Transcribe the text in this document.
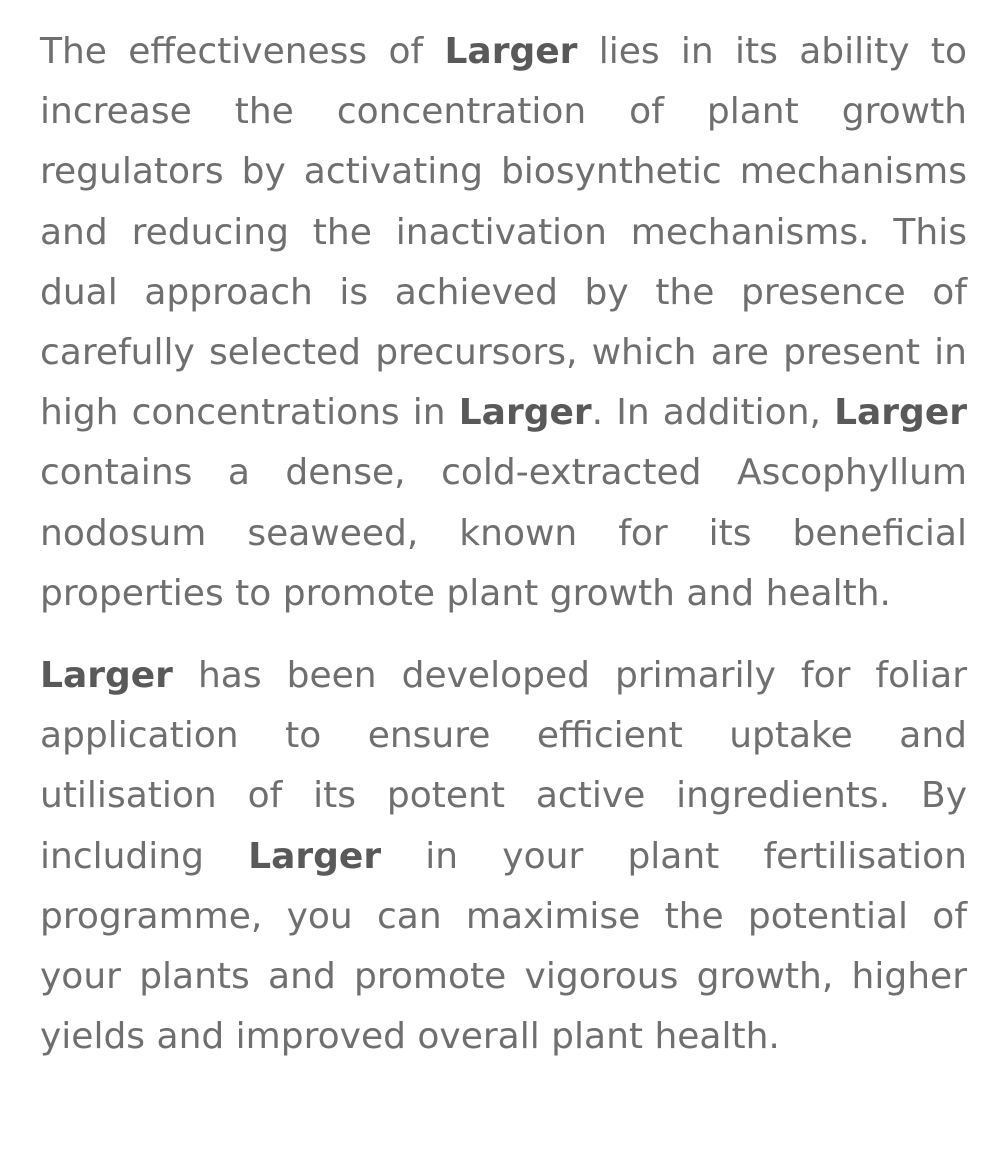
The effectiveness of Larger lies in its ability to increase the concentration of plant growth regulators by activating biosynthetic mechanisms and reducing the inactivation mechanisms. This dual approach is achieved by the presence of carefully selected precursors, which are present in high concentrations in Larger. In addition, Larger contains a dense, cold-extracted Ascophyllum nodosum seaweed, known for its beneficial properties to promote plant growth and health.

Larger has been developed primarily for foliar application to ensure efficient uptake and utilisation of its potent active ingredients. By including Larger in your plant fertilisation programme, you can maximise the potential of your plants and promote vigorous growth, higher yields and improved overall plant health.
